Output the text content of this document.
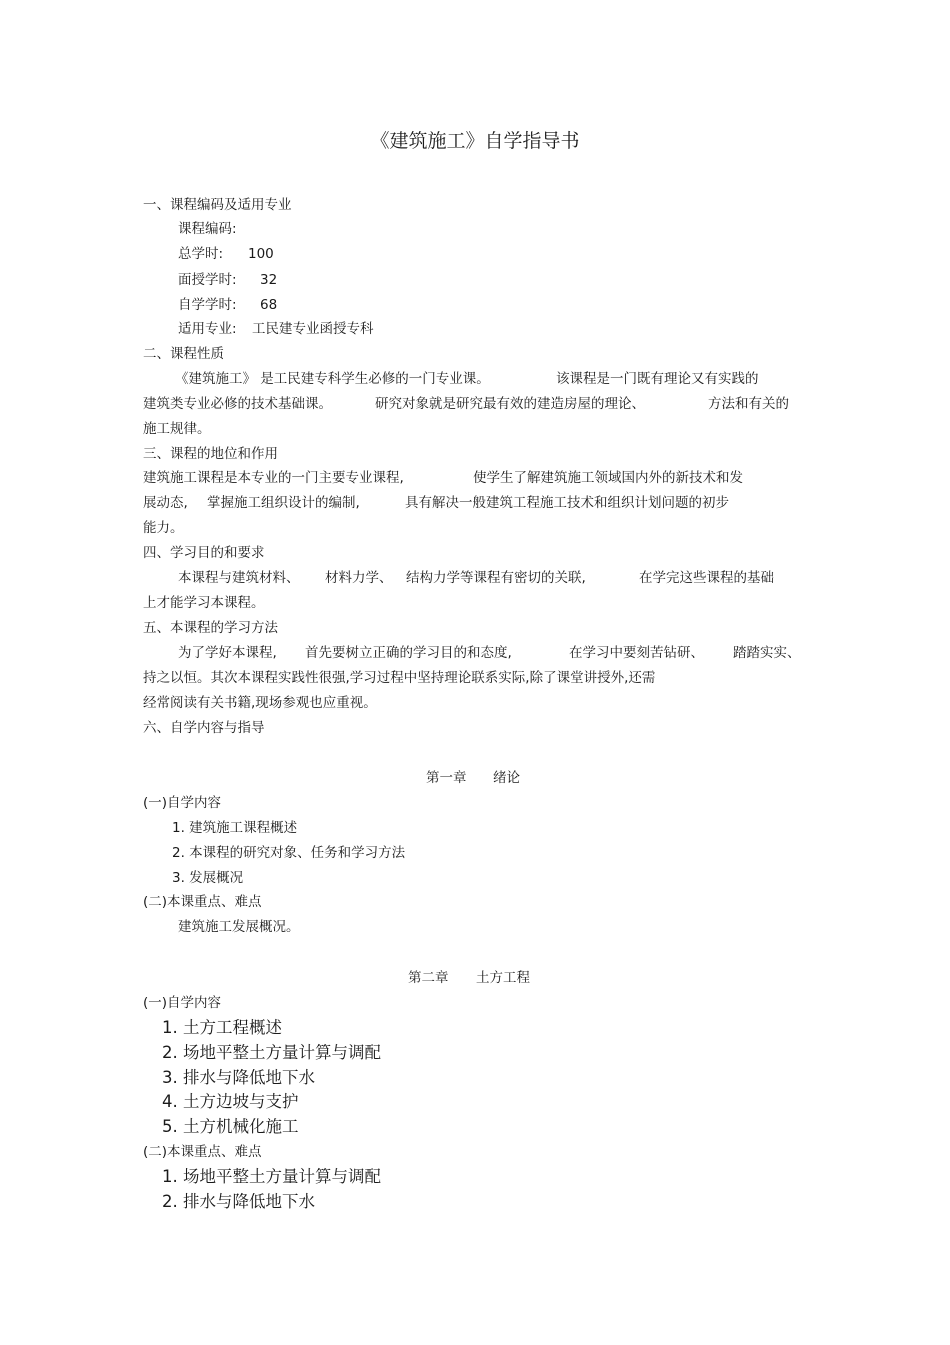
《建筑施工》自学指导书
一、课程编码及适用专业
课程编码:
总学时: 100
面授学时: 32
自学学时: 68
适用专业: 工民建专业函授专科
二、课程性质
《建筑施工》 是工民建专科学生必修的一门专业课。	该课程是一门既有理论又有实践的
建筑类专业必修的技术基础课。	研究对象就是研究最有效的建造房屋的理论、	方法和有关的
施工规律。
三、课程的地位和作用
建筑施工课程是本专业的一门主要专业课程,	使学生了解建筑施工领域国内外的新技术和发
展动态, 掌握施工组织设计的编制,	具有解决一般建筑工程施工技术和组织计划问题的初步
能力。
四、学习目的和要求
本课程与建筑材料、 材料力学、 结构力学等课程有密切的关联,	在学完这些课程的基础
上才能学习本课程。
五、本课程的学习方法
为了学好本课程, 首先要树立正确的学习目的和态度,	在学习中要刻苦钻研、 踏踏实实、
持之以恒。其次本课程实践性很强,学习过程中坚持理论联系实际,除了课堂讲授外,还需
经常阅读有关书籍,现场参观也应重视。
六、自学内容与指导
第一章 绪论
(一)自学内容
1. 建筑施工课程概述
2. 本课程的研究对象、任务和学习方法
3. 发展概况
(二)本课重点、难点
建筑施工发展概况。
第二章 土方工程
(一)自学内容
1. 土方工程概述
2. 场地平整土方量计算与调配
3. 排水与降低地下水
4. 土方边坡与支护
5. 土方机械化施工
(二)本课重点、难点
1. 场地平整土方量计算与调配
2. 排水与降低地下水
